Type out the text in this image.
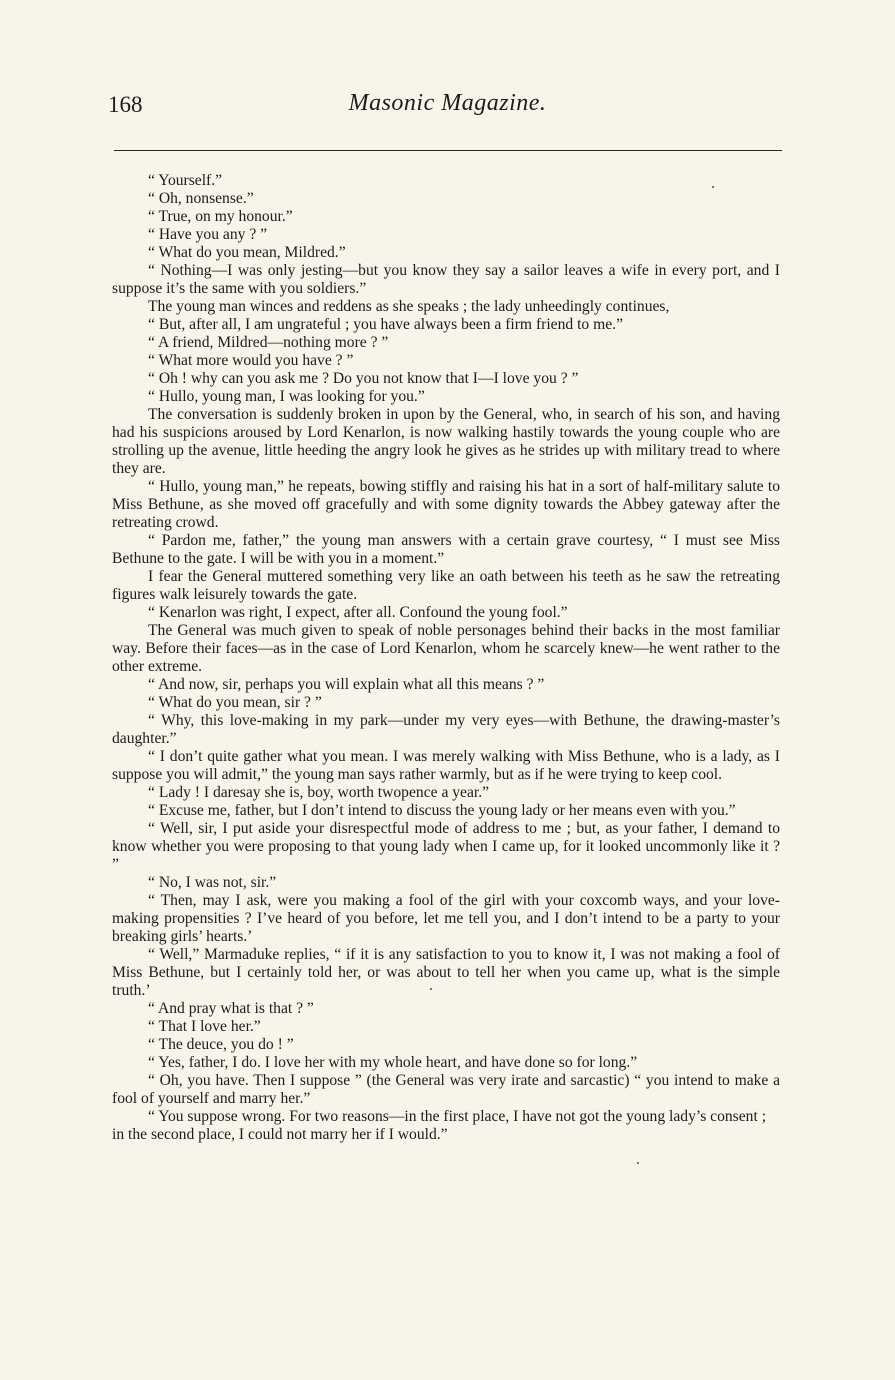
168	Masonic Magazine.

“ Yourself.”

“ Oh, nonsense.”

“ True, on my honour.”

“ Have you any ? ”

“ What do you mean, Mildred.”

“ Nothing—I was only jesting—but you know they say a sailor leaves a wife in every port, and I suppose it’s the same with you soldiers.”

The young man winces and reddens as she speaks ; the lady unheedingly continues,

“ But, after all, I am ungrateful ; you have always been a firm friend to me.”

“ A friend, Mildred—nothing more ? ”

“ What more would you have ? ”

“ Oh ! why can you ask me ? Do you not know that I—I love you ? ”

“ Hullo, young man, I was looking for you.”

The conversation is suddenly broken in upon by the General, who, in search of his son, and having had his suspicions aroused by Lord Kenarlon, is now walking hastily towards the young couple who are strolling up the avenue, little heeding the angry look he gives as he strides up with military tread to where they are.

“ Hullo, young man,” he repeats, bowing stiffly and raising his hat in a sort of half-military salute to Miss Bethune, as she moved off gracefully and with some dignity towards the Abbey gateway after the retreating crowd.

“ Pardon me, father,” the young man answers with a certain grave courtesy, “ I must see Miss Bethune to the gate. I will be with you in a moment.”

I fear the General muttered something very like an oath between his teeth as he saw the retreating figures walk leisurely towards the gate.

“ Kenarlon was right, I expect, after all. Confound the young fool.”

The General was much given to speak of noble personages behind their backs in the most familiar way. Before their faces—as in the case of Lord Kenarlon, whom he scarcely knew—he went rather to the other extreme.

“ And now, sir, perhaps you will explain what all this means ? ”

“ What do you mean, sir ? ”

“ Why, this love-making in my park—under my very eyes—with Bethune, the drawing-master’s daughter.”

“ I don’t quite gather what you mean. I was merely walking with Miss Bethune, who is a lady, as I suppose you will admit,” the young man says rather warmly, but as if he were trying to keep cool.

“ Lady ! I daresay she is, boy, worth twopence a year.”

“ Excuse me, father, but I don’t intend to discuss the young lady or her means even with you.”

“ Well, sir, I put aside your disrespectful mode of address to me ; but, as your father, I demand to know whether you were proposing to that young lady when I came up, for it looked uncommonly like it ? ”

“ No, I was not, sir.”

“ Then, may I ask, were you making a fool of the girl with your coxcomb ways, and your love-making propensities ? I’ve heard of you before, let me tell you, and I don’t intend to be a party to your breaking girls’ hearts.’

“ Well,” Marmaduke replies, “ if it is any satisfaction to you to know it, I was not making a fool of Miss Bethune, but I certainly told her, or was about to tell her when you came up, what is the simple truth.’

“ And pray what is that ? ”

“ That I love her.”

“ The deuce, you do ! ”

“ Yes, father, I do. I love her with my whole heart, and have done so for long.”

“ Oh, you have. Then I suppose ” (the General was very irate and sarcastic) “ you intend to make a fool of yourself and marry her.”

“ You suppose wrong. For two reasons—in the first place, I have not got the young lady’s consent ; in the second place, I could not marry her if I would.”
